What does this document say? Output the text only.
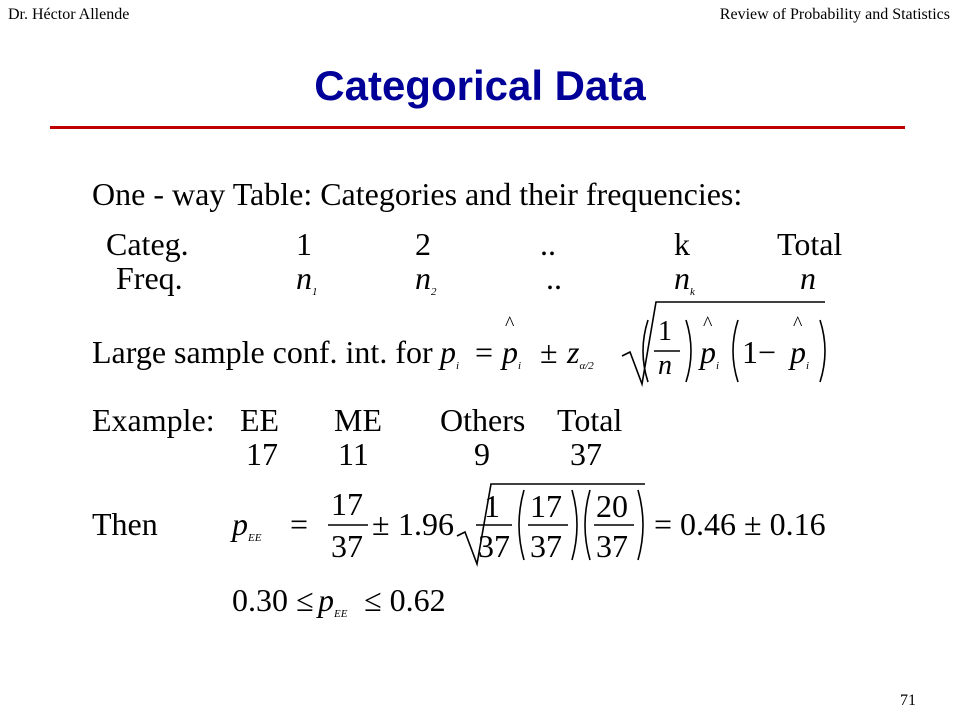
Dr. Héctor Allende	Review of Probability and Statistics
Categorical Data
One - way Table: Categories and their frequencies:
Categ.	1	2	..	k	Total
Freq.	$n_1$	$n_2$	..	$n_k$	n
Large sample conf. int. for $p_i$ = ^ $p_i \pm z_{\alpha/2}$
1
n ^ $p_i$ 1− ^ $p_i$
Example: EE ME Others Total
17 11	9	37
Then $p_{EE}$ =
17
37
± 1.96 1
37
17
37
20
37
= 0.46 ± 0.16
$0.30 \le p_{EE} \le 0.62$
71
